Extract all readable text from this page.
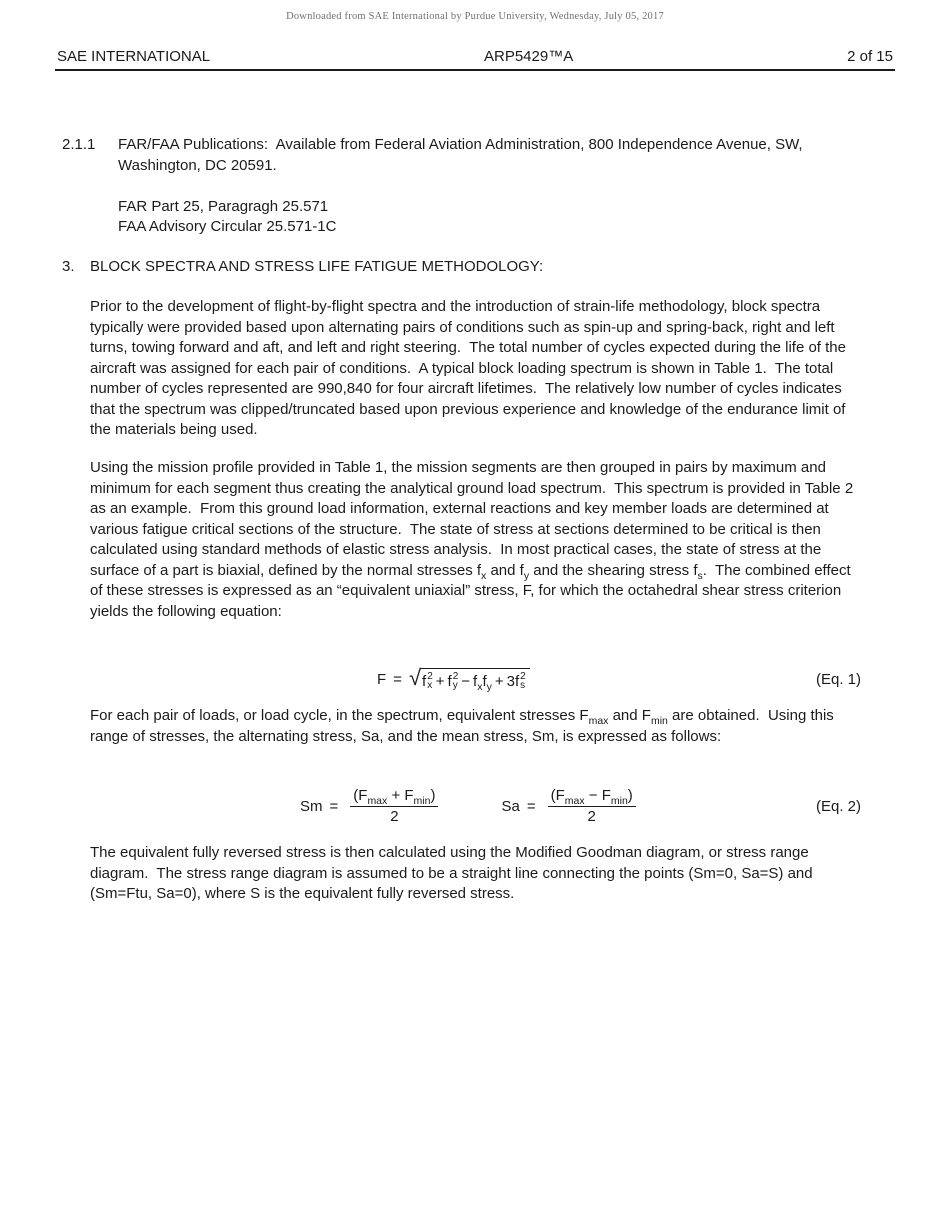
Downloaded from SAE International by Purdue University, Wednesday, July 05, 2017
SAE INTERNATIONAL	ARP5429™A	2 of 15
2.1.1	FAR/FAA Publications:  Available from Federal Aviation Administration, 800 Independence Avenue, SW, Washington, DC 20591.

FAR Part 25, Paragragh 25.571
FAA Advisory Circular 25.571-1C
3.	BLOCK SPECTRA AND STRESS LIFE FATIGUE METHODOLOGY:

Prior to the development of flight-by-flight spectra and the introduction of strain-life methodology, block spectra typically were provided based upon alternating pairs of conditions such as spin-up and spring-back, right and left turns, towing forward and aft, and left and right steering.  The total number of cycles expected during the life of the aircraft was assigned for each pair of conditions.  A typical block loading spectrum is shown in Table 1.  The total number of cycles represented are 990,840 for four aircraft lifetimes.  The relatively low number of cycles indicates that the spectrum was clipped/truncated based upon previous experience and knowledge of the endurance limit of the materials being used.

Using the mission profile provided in Table 1, the mission segments are then grouped in pairs by maximum and minimum for each segment thus creating the analytical ground load spectrum.  This spectrum is provided in Table 2 as an example.  From this ground load information, external reactions and key member loads are determined at various fatigue critical sections of the structure.  The state of stress at sections determined to be critical is then calculated using standard methods of elastic stress analysis.  In most practical cases, the state of stress at the surface of a part is biaxial, defined by the normal stresses $f_x$ and $f_y$ and the shearing stress $f_s$.  The combined effect of these stresses is expressed as an “equivalent uniaxial” stress, F, for which the octahedral shear stress criterion yields the following equation:

F = √ f 2
x + f 2
$y - f_x$ $f_y + 3f$ 2
s	(Eq. 1)

For each pair of loads, or load cycle, in the spectrum, equivalent stresses $F_{max}$ and $F_{min}$ are obtained.  Using this range of stresses, the alternating stress, Sa, and the mean stress, Sm, is expressed as follows:

$Sm = \frac{(F_{max} + F_{min})}{2}$	$Sa = \frac{(F_{max} - F_{min})}{2}$	(Eq. 2)

The equivalent fully reversed stress is then calculated using the Modified Goodman diagram, or stress range diagram.  The stress range diagram is assumed to be a straight line connecting the points (Sm=0, Sa=S) and (Sm=Ftu, Sa=0), where S is the equivalent fully reversed stress.
